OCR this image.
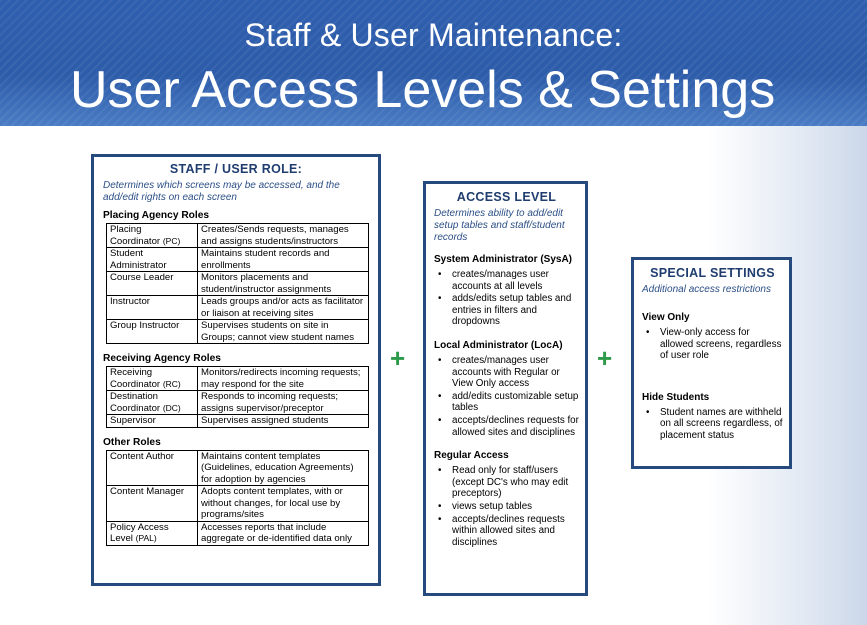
Staff & User Maintenance:
User Access Levels & Settings
STAFF / USER ROLE:
Determines which screens may be accessed, and the add/edit rights on each screen
Placing Agency Roles
Placing Coordinator (PC)	Creates/Sends requests, manages and assigns students/instructors
Student Administrator	Maintains student records and enrollments
Course Leader	Monitors placements and student/instructor assignments
Instructor	Leads groups and/or acts as facilitator or liaison at receiving sites
Group Instructor	Supervises students on site in Groups; cannot view student names
Receiving Agency Roles
Receiving Coordinator (RC)	Monitors/redirects incoming requests; may respond for the site
Destination Coordinator (DC)	Responds to incoming requests; assigns supervisor/preceptor
Supervisor	Supervises assigned students
Other Roles
Content Author	Maintains content templates (Guidelines, education Agreements) for adoption by agencies
Content Manager	Adopts content templates, with or without changes, for local use by programs/sites
Policy Access Level (PAL)	Accesses reports that include aggregate or de-identified data only
+
ACCESS LEVEL
Determines ability to add/edit setup tables and staff/student records
System Administrator (SysA)
• creates/manages user accounts at all levels
• adds/edits setup tables and entries in filters and dropdowns
Local Administrator (LocA)
• creates/manages user accounts with Regular or View Only access
• add/edits customizable setup tables
• accepts/declines requests for allowed sites and disciplines
Regular Access
• Read only for staff/users (except DC's who may edit preceptors)
• views setup tables
• accepts/declines requests within allowed sites and disciplines
+
SPECIAL SETTINGS
Additional access restrictions
View Only
• View-only access for allowed screens, regardless of user role
Hide Students
• Student names are withheld on all screens regardless, of placement status
